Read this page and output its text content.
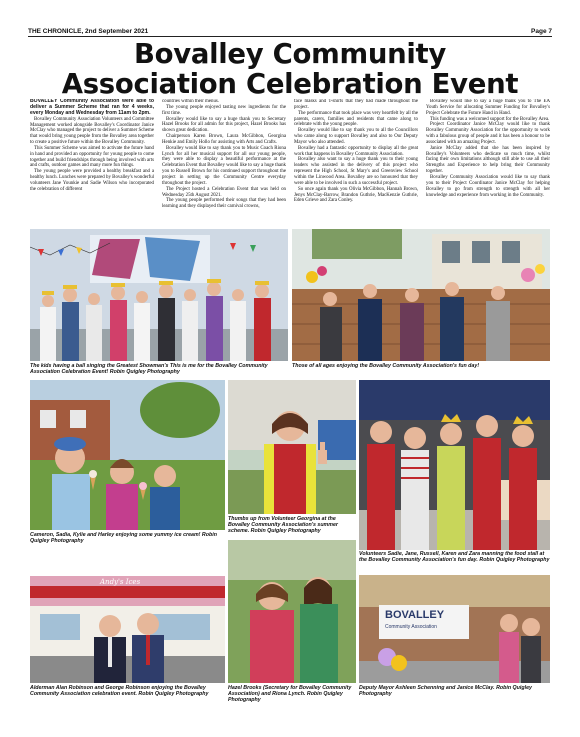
THE CHRONICLE, 2nd September 2021	Page 7
Bovalley Community
Association Celebration Event

BOVALLEY Community Association were able to deliver a Summer Scheme that ran for 4 weeks, every Monday and Wednesday from 11am to 2pm.

Bovalley Community Association Volunteers and Committee Management worked alongside Bovalley's Coordinator Janice McClay who managed the project to deliver a Summer Scheme that would bring young people from the Bovalley area together to create a positive future within the Bovalley Community.

This Summer Scheme was aimed to activate the future hand in hand and provided an opportunity for young people to come together and build friendships through being involved with arts and crafts, outdoor games and many more fun things.

The young people were provided a healthy breakfast and a healthy lunch. Lunches were prepared by Bovalley's wonderful volunteers Jane Younkie and Sadie Wilson who incorporated the celebration of different

countries within their menus.

The young people enjoyed tasting new ingredients for the first time.

Bovalley would like to say a huge thank you to Secretary Hazel Brooks for all admin for this project, Hazel Brooks has shown great dedication.

Chairperson Karen Brown, Laura McGibbon, Georgina Henkie and Emily Hollo for assisting with Arts and Crafts.

Bovalley would like to say thank you to Music Coach Riona Lynch for all her musical support for all our young people, they were able to display a beautiful performance at the Celebration Event that Bovalley would like to say a huge thank you to Russell Brown for his continued support throughout the project in setting up the Community Centre everyday throughout the project.

The Project hosted a Celebration Event that was held on Wednesday 25th August 2021.

The young people performed their songs that they had been learning and they displayed their carnival crowns,

face masks and T-shirts that they had made throughout the project.

The performance that took place was very heartfelt by all the parents, carers, families and residents that came along to celebrate with the young people.

Bovalley would like to say thank you to all the Councillors who came along to support Bovalley and also to Our Deputy Mayor who also attended.

Bovalley had a fantastic opportunity to display all the great work that happens in Bovalley Community Association.

Bovalley also want to say a huge thank you to their young leaders who assisted in the delivery of this project who represent the High School, St Mary's and Greenview School within the Linwood Area. Bovalley are so honoured that they were able to be involved in such a successful project.

So once again thank you Olivia McGibbon, Hannah Brown, Jenys McClay-Barrow, Brandon Guthrie, MacKenzie Guthrie, Eden Grieve and Zara Conley.

Bovalley would like to say a huge thank you to The EA Youth Service for allocating Summer Funding for Bovalley's Project Celebrate the Future Hand in Hand.

This funding was a welcomed support for the Bovalley Area.

Project Coordinator Janice McClay would like to thank Bovalley Community Association for the opportunity to work with a fabulous group of people and it has been a honour to be associated with an amazing Project.

Janice McClay added that she has been inspired by Bovalley's Volunteers who dedicate so much time, whilst facing their own limitations although still able to use all their Strengths and Experience to help bring their Community together.

Bovalley Community Association would like to say thank you to their Project Coordinator Janice McClay for helping Bovalley to go from strength to strength with all her knowledge and experience from working in the Community.

The kids having a ball singing the Greatest Showman's This is me for the Bovalley Community Association Celebration Event! Robin Quigley Photography
Those of all ages enjoying the Bovalley Community Association's fun day!
Cameron, Sadia, Kylie and Harley enjoying some yummy ice cream! Robin Quigley Photography
Thumbs up from Volunteer Georgina at the Bovalley Community Association's summer scheme. Robin Quigley Photography
Volunteers Sadie, Jane, Russell, Karen and Zara manning the food stall at the Bovalley Community Association's fun day. Robin Quigley Photography
Andy's Ices
Alderman Alan Robinson and George Robinson enjoying the Bovalley Community Association celebration event. Robin Quigley Photography
Hazel Brooks (Secretary for Bovalley Community Association) and Riona Lynch. Robin Quigley Photography
BOVALLEY
Community Association
Deputy Mayor Ashleen Schenning and Janice McClay. Robin Quigley Photography
